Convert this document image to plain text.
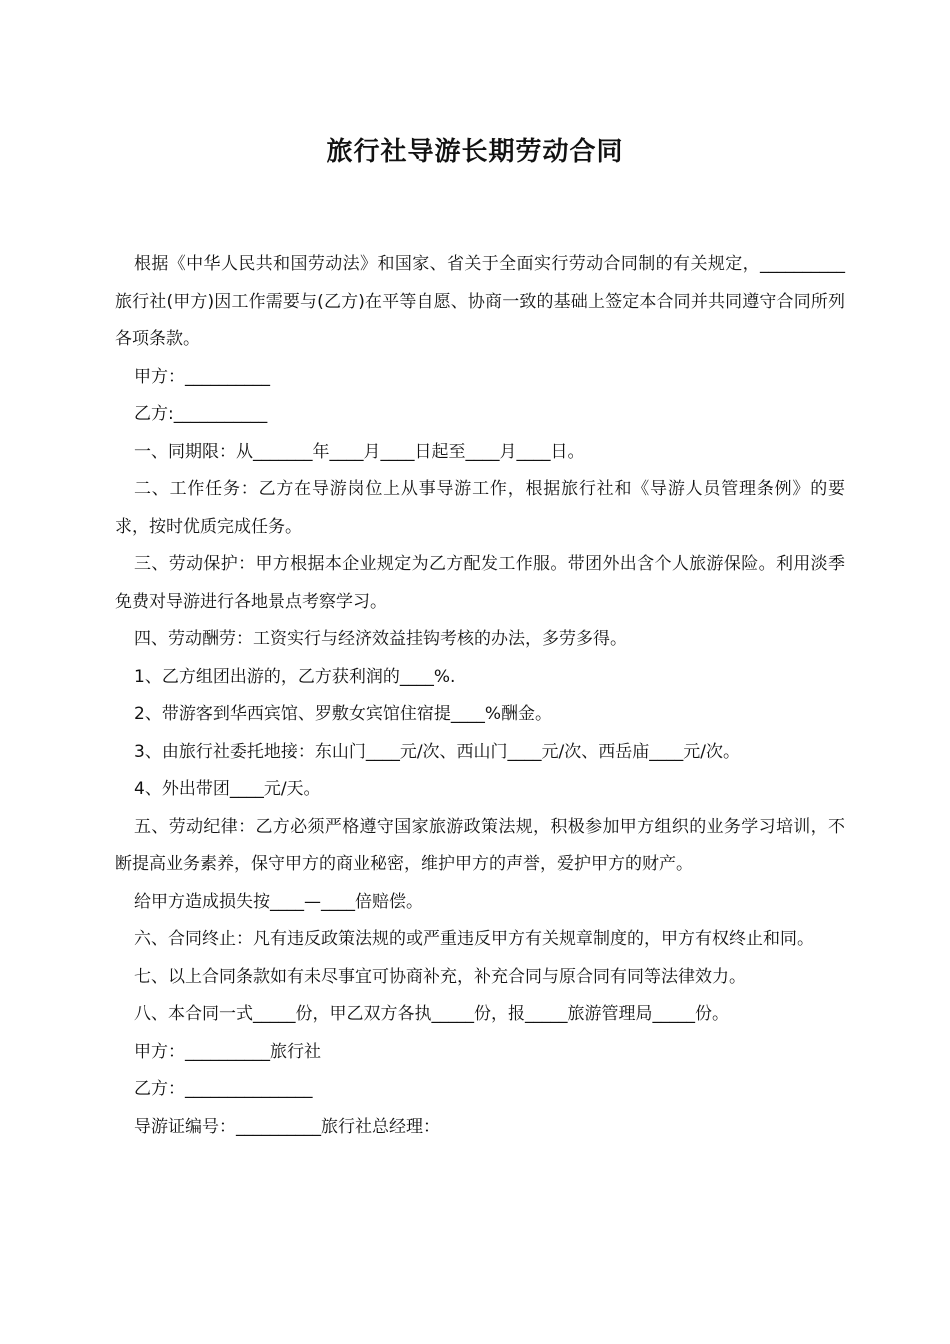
旅行社导游长期劳动合同

根据《中华人民共和国劳动法》和国家、省关于全面实行劳动合同制的有关规定，__________旅行社(甲方)因工作需要与(乙方)在平等自愿、协商一致的基础上签定本合同并共同遵守合同所列各项条款。

甲方：__________

乙方:___________

一、同期限：从_______年____月____日起至____月____日。

二、工作任务：乙方在导游岗位上从事导游工作，根据旅行社和《导游人员管理条例》的要求，按时优质完成任务。

三、劳动保护：甲方根据本企业规定为乙方配发工作服。带团外出含个人旅游保险。利用淡季免费对导游进行各地景点考察学习。

四、劳动酬劳：工资实行与经济效益挂钩考核的办法，多劳多得。

1、乙方组团出游的，乙方获利润的____%.

2、带游客到华西宾馆、罗敷女宾馆住宿提____%酬金。

3、由旅行社委托地接：东山门____元/次、西山门____元/次、西岳庙____元/次。

4、外出带团____元/天。

五、劳动纪律：乙方必须严格遵守国家旅游政策法规，积极参加甲方组织的业务学习培训，不断提高业务素养，保守甲方的商业秘密，维护甲方的声誉，爱护甲方的财产。

给甲方造成损失按____—____倍赔偿。

六、合同终止：凡有违反政策法规的或严重违反甲方有关规章制度的，甲方有权终止和同。

七、以上合同条款如有未尽事宜可协商补充，补充合同与原合同有同等法律效力。

八、本合同一式_____份，甲乙双方各执_____份，报_____旅游管理局_____份。

甲方：__________旅行社

乙方：_______________

导游证编号：__________旅行社总经理：
